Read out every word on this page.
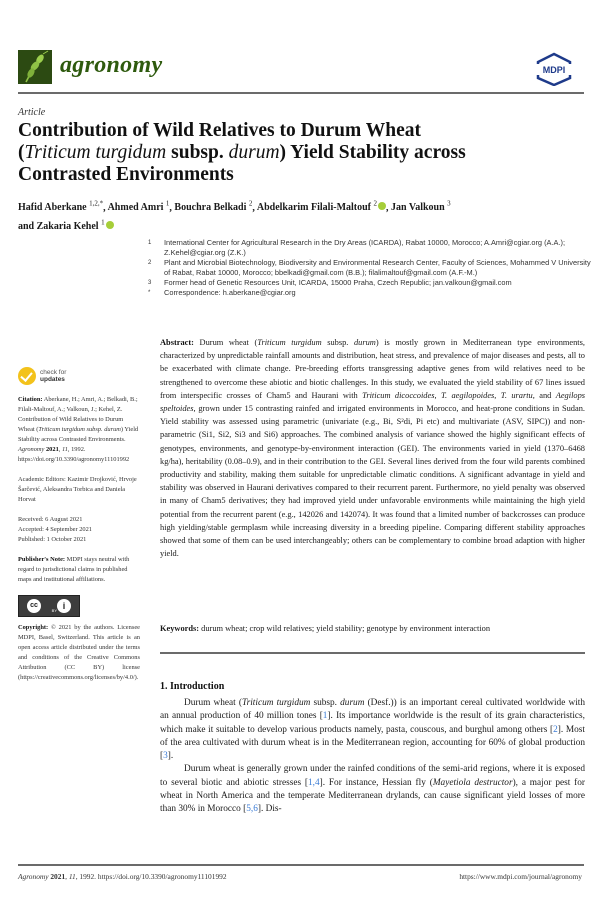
agronomy	MDPI
Article
Contribution of Wild Relatives to Durum Wheat
(Triticum turgidum subsp. durum) Yield Stability across
Contrasted Environments
Hafid Aberkane $^{1,2,*}$, Ahmed Amri $^1$, Bouchra Belkadi $^2$, Abdelkarim Filali-Maltouf $^2$ , Jan Valkoun $^3$
and Zakaria Kehel $^1$
1	International Center for Agricultural Research in the Dry Areas (ICARDA), Rabat 10000, Morocco; A.Amri@cgiar.org (A.A.); Z.Kehel@cgiar.org (Z.K.)
2	Plant and Microbial Biotechnology, Biodiversity and Environmental Research Center, Faculty of Sciences, Mohammed V University of Rabat, Rabat 10000, Morocco; bbelkadi@gmail.com (B.B.); filalimaltouf@gmail.com (A.F.-M.)
3	Former head of Genetic Resources Unit, ICARDA, 15000 Praha, Czech Republic; jan.valkoun@gmail.com
*	Correspondence: h.aberkane@cgiar.org
check for
updates
Citation: Aberkane, H.; Amri, A.; Belkadi, B.; Filali-Maltouf, A.; Valkoun, J.; Kehel, Z. Contribution of Wild Relatives to Durum Wheat (Triticum turgidum subsp. durum) Yield Stability across Contrasted Environments. Agronomy 2021, 11, 1992. https://doi.org/10.3390/agronomy11101992
Academic Editors: Kazimir Drojković, Hrvoje Šarčević, Aleksandra Torbica and Daniela Horvat
Received: 6 August 2021
Accepted: 4 September 2021
Published: 1 October 2021
Publisher's Note: MDPI stays neutral with regard to jurisdictional claims in published maps and institutional affiliations.
cc	i
BY
Copyright: © 2021 by the authors. Licensee MDPI, Basel, Switzerland. This article is an open access article distributed under the terms and conditions of the Creative Commons Attribution (CC BY) license (https://creativecommons.org/licenses/by/4.0/).
Abstract: Durum wheat (Triticum turgidum subsp. durum) is mostly grown in Mediterranean type environments, characterized by unpredictable rainfall amounts and distribution, heat stress, and prevalence of major diseases and pests, all to be exacerbated with climate change. Pre-breeding efforts transgressing adaptive genes from wild relatives need to be strengthened to overcome these abiotic and biotic challenges. In this study, we evaluated the yield stability of 67 lines issued from interspecific crosses of Cham5 and Haurani with Triticum dicoccoides, T. aegilopoides, T. urartu, and Aegilops speltoides, grown under 15 contrasting rainfed and irrigated environments in Morocco, and heat-prone conditions in Sudan. Yield stability was assessed using parametric (univariate (e.g., Bi, S²di, Pi etc) and multivariate (ASV, SIPC)) and non-parametric (Si1, Si2, Si3 and Si6) approaches. The combined analysis of variance showed the highly significant effects of genotypes, environments, and genotype-by-environment interaction (GEI). The environments varied in yield (1370–6468 kg/ha), heritability (0.08–0.9), and in their contribution to the GEI. Several lines derived from the four wild parents combined productivity and stability, making them suitable for unpredictable climatic conditions. A significant advantage in yield and stability was observed in Haurani derivatives compared to their recurrent parent. Furthermore, no yield penalty was observed in many of Cham5 derivatives; they had improved yield under unfavorable environments while maintaining the high yield potential from the recurrent parent (e.g., 142026 and 142074). It was found that a limited number of backcrosses can produce high yielding/stable germplasm while increasing diversity in a breeding pipeline. Comparing different stability approaches showed that some of them can be used interchangeably; others can be complementary to combine broad adaption with higher yield.
Keywords: durum wheat; crop wild relatives; yield stability; genotype by environment interaction
1. Introduction

Durum wheat (Triticum turgidum subsp. durum (Desf.)) is an important cereal cultivated worldwide with an annual production of 40 million tones [1]. Its importance worldwide is the result of its grain characteristics, which make it suitable to develop various products namely, pasta, couscous, and burghul among others [2]. Most of the area cultivated with durum wheat is in the Mediterranean region, accounting for 60% of global production [3].

Durum wheat is generally grown under the rainfed conditions of the semi-arid regions, where it is exposed to several biotic and abiotic stresses [1,4]. For instance, Hessian fly (Mayetiola destructor), a major pest for wheat in North America and the temperate Mediterranean drylands, can cause significant yield losses of more than 30% in Morocco [5,6]. Dis-

Agronomy 2021, 11, 1992. https://doi.org/10.3390/agronomy11101992	https://www.mdpi.com/journal/agronomy
